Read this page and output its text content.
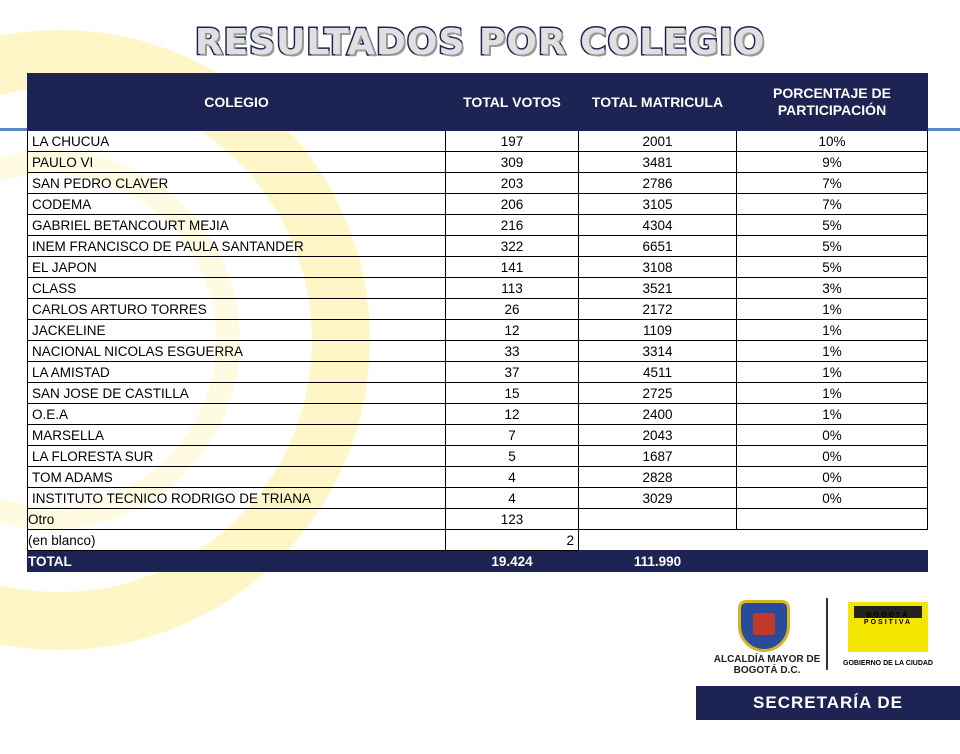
RESULTADOS POR COLEGIO
COLEGIO	TOTAL VOTOS	TOTAL MATRICULA	PORCENTAJE DE PARTICIPACIÓN
LA CHUCUA	197	2001	10%
PAULO VI	309	3481	9%
SAN PEDRO CLAVER	203	2786	7%
CODEMA	206	3105	7%
GABRIEL BETANCOURT MEJIA	216	4304	5%
INEM FRANCISCO DE PAULA SANTANDER	322	6651	5%
EL JAPON	141	3108	5%
CLASS	113	3521	3%
CARLOS ARTURO TORRES	26	2172	1%
JACKELINE	12	1109	1%
NACIONAL NICOLAS ESGUERRA	33	3314	1%
LA AMISTAD	37	4511	1%
SAN JOSE DE CASTILLA	15	2725	1%
O.E.A	12	2400	1%
MARSELLA	7	2043	0%
LA FLORESTA SUR	5	1687	0%
TOM ADAMS	4	2828	0%
INSTITUTO TECNICO RODRIGO DE TRIANA	4	3029	0%
Otro	123		
(en blanco)	2		
TOTAL	19.424	111.990	
ALCALDÍA MAYOR DE BOGOTÁ D.C.
BOGOTÁ POSITIVA
GOBIERNO DE LA CIUDAD
SECRETARÍA DE EDUCACIÓN
